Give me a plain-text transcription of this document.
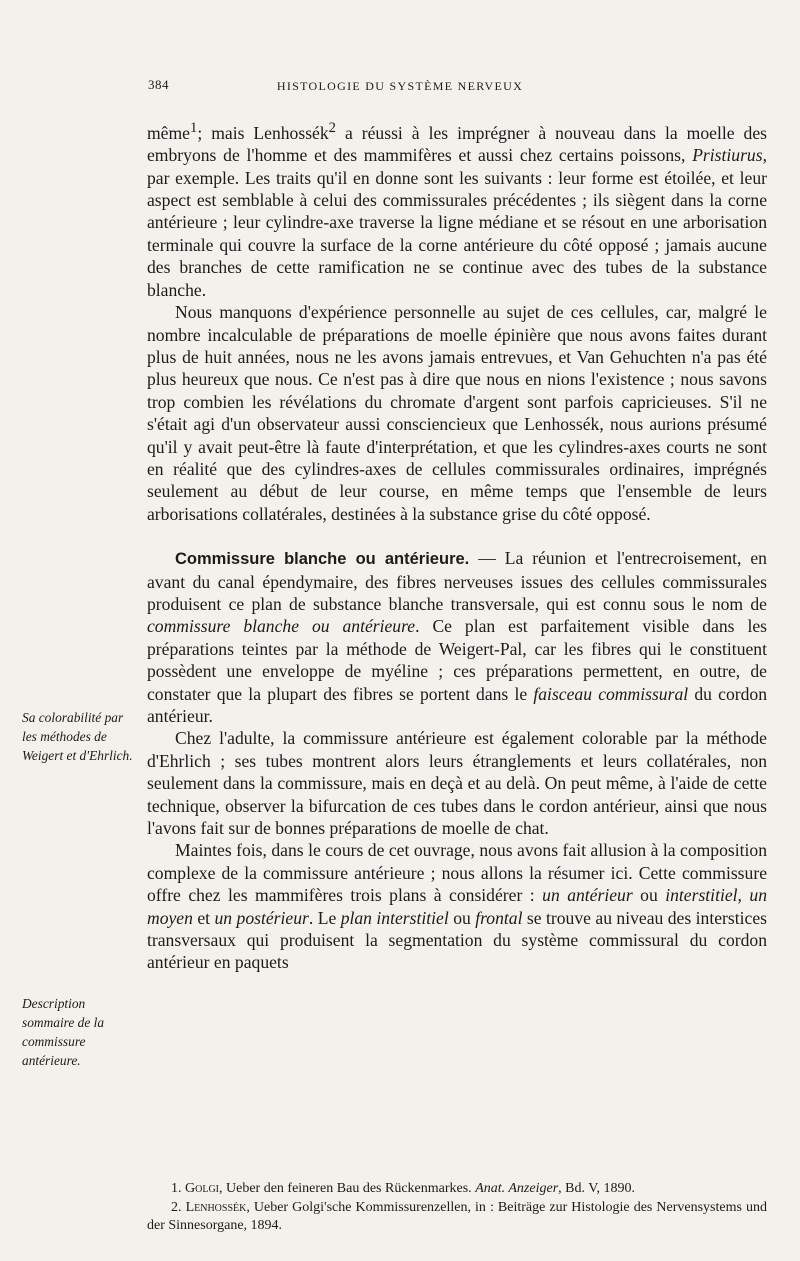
384	HISTOLOGIE DU SYSTÈME NERVEUX
Sa colorabilité par les méthodes de Weigert et d'Ehrlich.
Description sommaire de la commissure antérieure.

même$^1$; mais Lenhossék$^2$ a réussi à les imprégner à nouveau dans la moelle des embryons de l'homme et des mammifères et aussi chez certains poissons, Pristiurus, par exemple. Les traits qu'il en donne sont les suivants : leur forme est étoilée, et leur aspect est semblable à celui des commissurales précédentes ; ils siègent dans la corne antérieure ; leur cylindre-axe traverse la ligne médiane et se résout en une arborisation terminale qui couvre la surface de la corne antérieure du côté opposé ; jamais aucune des branches de cette ramification ne se continue avec des tubes de la substance blanche.

Nous manquons d'expérience personnelle au sujet de ces cellules, car, malgré le nombre incalculable de préparations de moelle épinière que nous avons faites durant plus de huit années, nous ne les avons jamais entrevues, et Van Gehuchten n'a pas été plus heureux que nous. Ce n'est pas à dire que nous en nions l'existence ; nous savons trop combien les révélations du chromate d'argent sont parfois capricieuses. S'il ne s'était agi d'un observateur aussi consciencieux que Lenhossék, nous aurions présumé qu'il y avait peut-être là faute d'interprétation, et que les cylindres-axes courts ne sont en réalité que des cylindres-axes de cellules commissurales ordinaires, imprégnés seulement au début de leur course, en même temps que l'ensemble de leurs arborisations collatérales, destinées à la substance grise du côté opposé.

Commissure blanche ou antérieure. — La réunion et l'entrecroisement, en avant du canal épendymaire, des fibres nerveuses issues des cellules commissurales produisent ce plan de substance blanche transversale, qui est connu sous le nom de commissure blanche ou antérieure. Ce plan est parfaitement visible dans les préparations teintes par la méthode de Weigert-Pal, car les fibres qui le constituent possèdent une enveloppe de myéline ; ces préparations permettent, en outre, de constater que la plupart des fibres se portent dans le faisceau commissural du cordon antérieur.

Chez l'adulte, la commissure antérieure est également colorable par la méthode d'Ehrlich ; ses tubes montrent alors leurs étranglements et leurs collatérales, non seulement dans la commissure, mais en deçà et au delà. On peut même, à l'aide de cette technique, observer la bifurcation de ces tubes dans le cordon antérieur, ainsi que nous l'avons fait sur de bonnes préparations de moelle de chat.

Maintes fois, dans le cours de cet ouvrage, nous avons fait allusion à la composition complexe de la commissure antérieure ; nous allons la résumer ici. Cette commissure offre chez les mammifères trois plans à considérer : un antérieur ou interstitiel, un moyen et un postérieur. Le plan interstitiel ou frontal se trouve au niveau des interstices transversaux qui produisent la segmentation du système commissural du cordon antérieur en paquets

1. Golgi, Ueber den feineren Bau des Rückenmarkes. Anat. Anzeiger, Bd. V, 1890.

2. Lenhossék, Ueber Golgi'sche Kommissurenzellen, in : Beiträge zur Histologie des Nervensystems und der Sinnesorgane, 1894.
